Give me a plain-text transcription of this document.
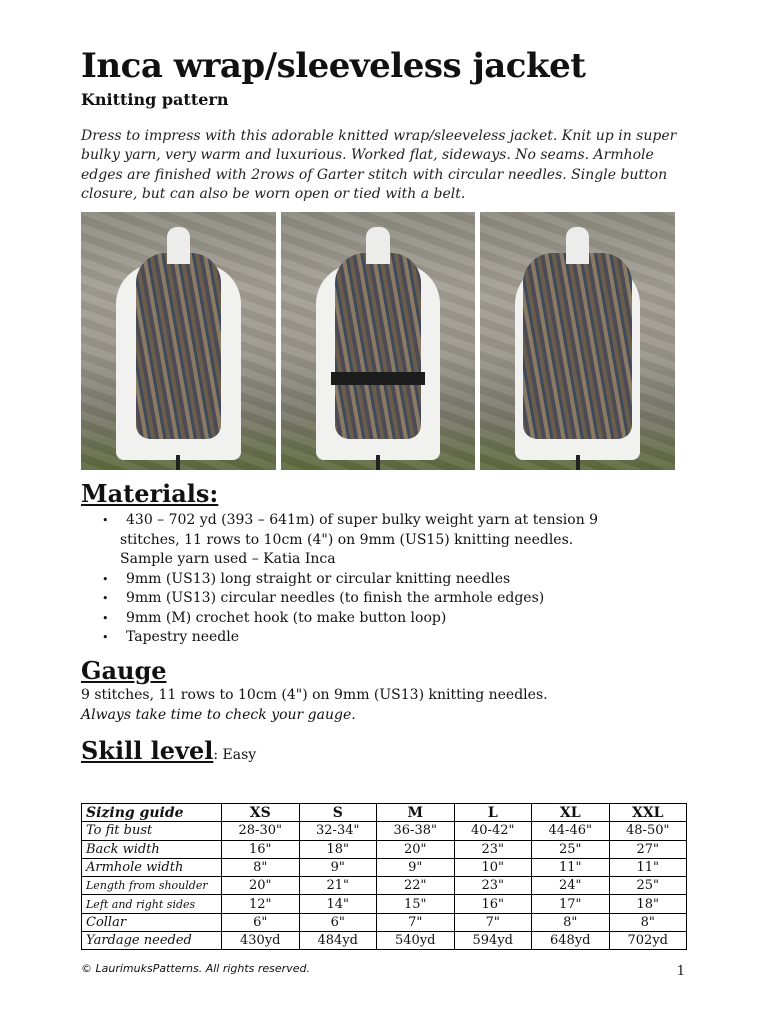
Inca wrap/sleeveless jacket
Knitting pattern

Dress to impress with this adorable knitted wrap/sleeveless jacket. Knit up in super bulky yarn, very warm and luxurious. Worked flat, sideways. No seams. Armhole edges are finished with 2rows of Garter stitch with circular needles. Single button closure, but can also be worn open or tied with a belt.

Materials:
• 430 – 702 yd (393 – 641m) of super bulky weight yarn at tension 9
stitches, 11 rows to 10cm (4") on 9mm (US15) knitting needles.
Sample yarn used – Katia Inca
• 9mm (US13) long straight or circular knitting needles
• 9mm (US13) circular needles (to finish the armhole edges)
• 9mm (M) crochet hook (to make button loop)
• Tapestry needle
Gauge
9 stitches, 11 rows to 10cm (4") on 9mm (US13) knitting needles.
Always take time to check your gauge.
Skill level: Easy
Sizing guide	XS	S	M	L	XL	XXL
To fit bust	28-30"	32-34"	36-38"	40-42"	44-46"	48-50"
Back width	16"	18"	20"	23"	25"	27"
Armhole width	8"	9"	9"	10"	11"	11"
Length from shoulder	20"	21"	22"	23"	24"	25"
Left and right sides	12"	14"	15"	16"	17"	18"
Collar	6"	6"	7"	7"	8"	8"
Yardage needed	430yd	484yd	540yd	594yd	648yd	702yd
© LaurimuksPatterns. All rights reserved.	1
